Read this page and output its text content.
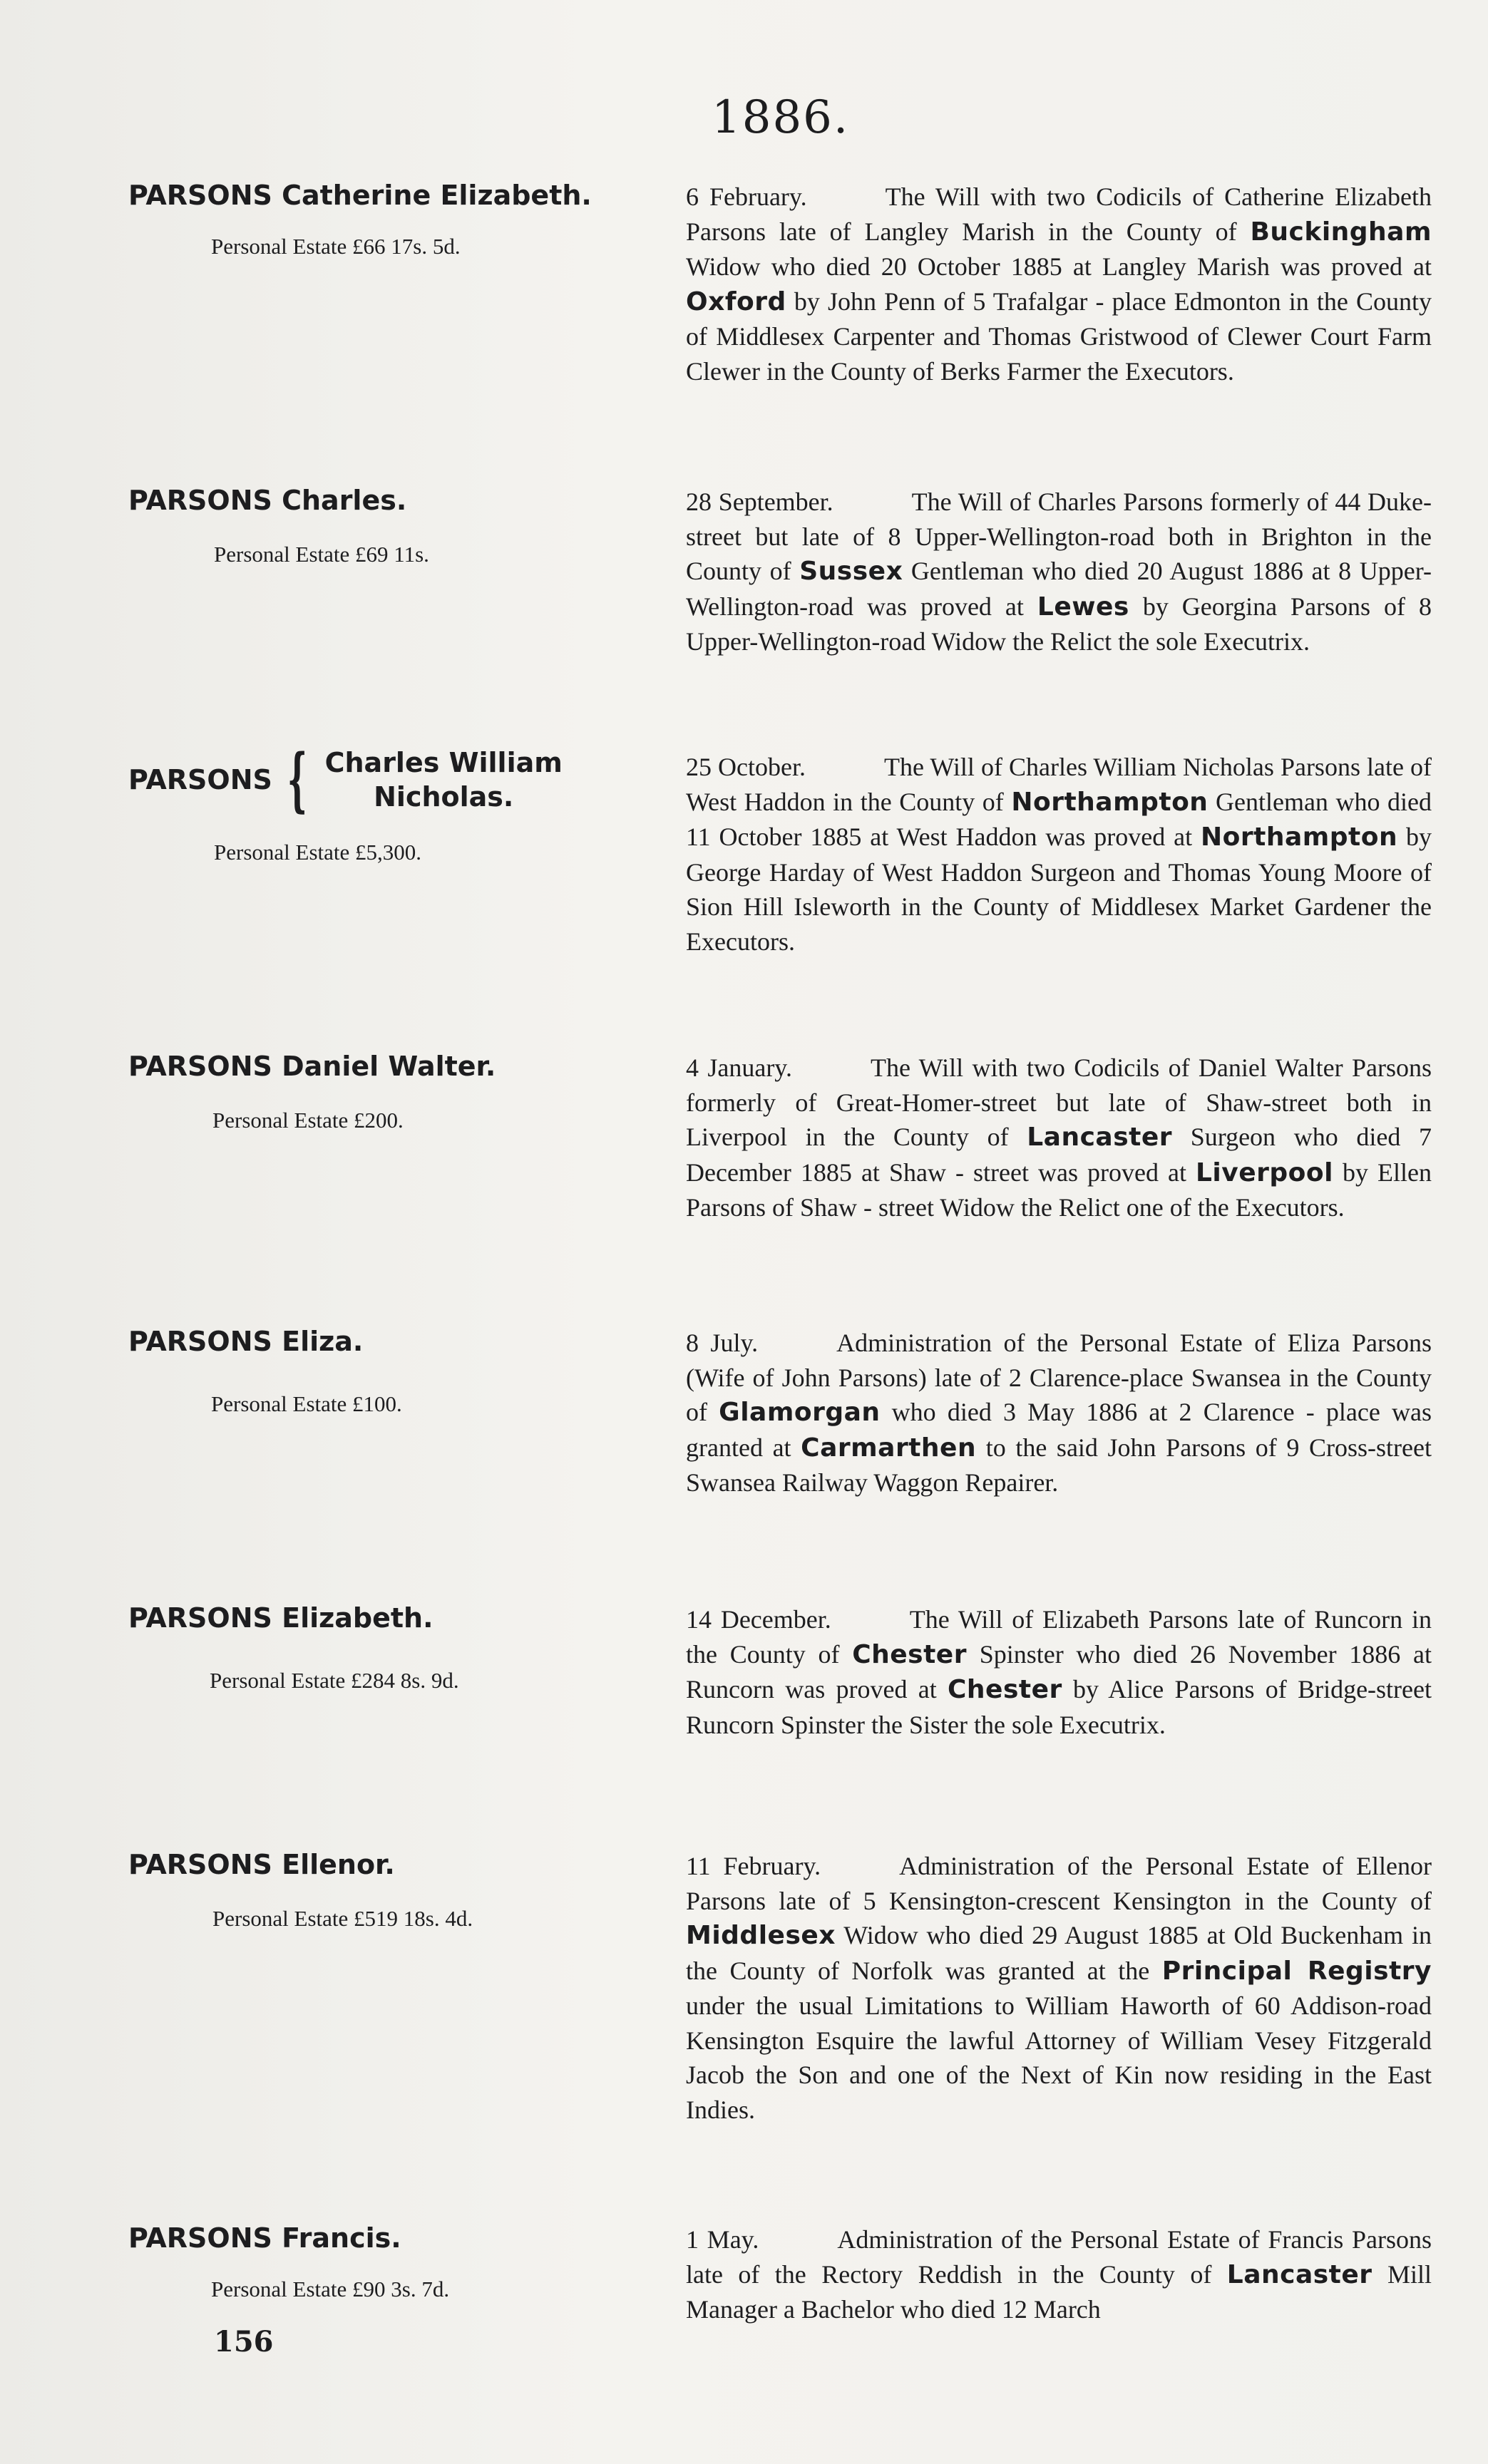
1886.
PARSONS Catherine Elizabeth.
Personal Estate £66 17s. 5d.
6 February.	The Will with two Codicils of Catherine Elizabeth Parsons late of Langley Marish in the County of Buckingham Widow who died 20 October 1885 at Langley Marish was proved at Oxford by John Penn of 5 Trafalgar - place Edmonton in the County of Middlesex Carpenter and Thomas Gristwood of Clewer Court Farm Clewer in the County of Berks Farmer the Executors.
PARSONS Charles.
Personal Estate £69 11s.
28 September.	The Will of Charles Parsons formerly of 44 Duke-street but late of 8 Upper-Wellington-road both in Brighton in the County of Sussex Gentleman who died 20 August 1886 at 8 Upper-Wellington-road was proved at Lewes by Georgina Parsons of 8 Upper-Wellington-road Widow the Relict the sole Executrix.
PARSONS { Charles William
Nicholas.
Personal Estate £5,300.
25 October.	The Will of Charles William Nicholas Parsons late of West Haddon in the County of Northampton Gentleman who died 11 October 1885 at West Haddon was proved at Northampton by George Harday of West Haddon Surgeon and Thomas Young Moore of Sion Hill Isleworth in the County of Middlesex Market Gardener the Executors.
PARSONS Daniel Walter.
Personal Estate £200.
4 January.	The Will with two Codicils of Daniel Walter Parsons formerly of Great-Homer-street but late of Shaw-street both in Liverpool in the County of Lancaster Surgeon who died 7 December 1885 at Shaw - street was proved at Liverpool by Ellen Parsons of Shaw - street Widow the Relict one of the Executors.
PARSONS Eliza.
Personal Estate £100.
8 July.	Administration of the Personal Estate of Eliza Parsons (Wife of John Parsons) late of 2 Clarence-place Swansea in the County of Glamorgan who died 3 May 1886 at 2 Clarence - place was granted at Carmarthen to the said John Parsons of 9 Cross-street Swansea Railway Waggon Repairer.
PARSONS Elizabeth.
Personal Estate £284 8s. 9d.
14 December.	The Will of Elizabeth Parsons late of Runcorn in the County of Chester Spinster who died 26 November 1886 at Runcorn was proved at Chester by Alice Parsons of Bridge-street Runcorn Spinster the Sister the sole Executrix.
PARSONS Ellenor.
Personal Estate £519 18s. 4d.
11 February.	Administration of the Personal Estate of Ellenor Parsons late of 5 Kensington-crescent Kensington in the County of Middlesex Widow who died 29 August 1885 at Old Buckenham in the County of Norfolk was granted at the Principal Registry under the usual Limitations to William Haworth of 60 Addison-road Kensington Esquire the lawful Attorney of William Vesey Fitzgerald Jacob the Son and one of the Next of Kin now residing in the East Indies.
PARSONS Francis.
Personal Estate £90 3s. 7d.
1 May.	Administration of the Personal Estate of Francis Parsons late of the Rectory Reddish in the County of Lancaster Mill Manager a Bachelor who died 12 March
156
